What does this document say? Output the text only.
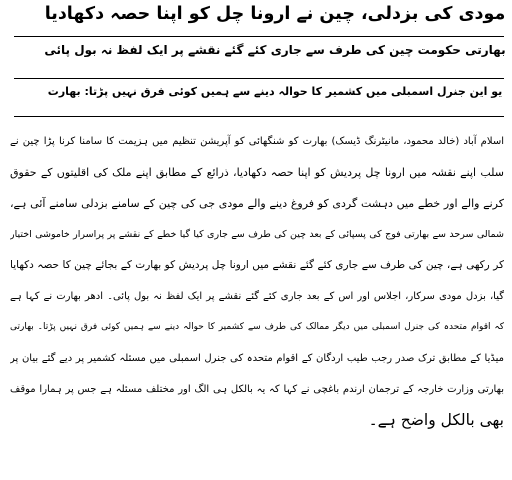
مودی کی بزدلی، چین نے ارونا چل کو اپنا حصہ دکھادیا
بھارتی حکومت چین کی طرف سے جاری کئے گئے نقشے پر ایک لفظ نہ بول پائی
یو این جنرل اسمبلی میں کشمیر کا حوالہ دینے سے ہمیں کوئی فرق نہیں پڑتا: بھارت
اسلام آباد (خالد محمود، مانیٹرنگ ڈیسک) بھارت کو شنگھائی کو آپریشن تنظیم میں ہزیمت کا سامنا کرنا پڑا چین نے
سلب اپنے نقشہ میں ارونا چل پردیش کو اپنا حصہ دکھادیا، ذرائع کے مطابق اپنے ملک کی اقلیتوں کے حقوق
کرنے والے اور خطے میں دہشت گردی کو فروغ دینے والے مودی جی کی چین کے سامنے بزدلی سامنے آئی ہے،
شمالی سرحد سے بھارتی فوج کی پسپائی کے بعد چین کی طرف سے جاری کیا گیا خطے کے نقشے پر پراسرار خاموشی اختیار
کر رکھی ہے، چین کی طرف سے جاری کئے گئے نقشے میں ارونا چل پردیش کو بھارت کے بجائے چین کا حصہ دکھایا
گیا، بزدل مودی سرکار، اجلاس اور اس کے بعد جاری کئے گئے نقشے پر ایک لفظ نہ بول پائی۔ ادھر بھارت نے کہا ہے
کہ اقوام متحدہ کی جنرل اسمبلی میں دیگر ممالک کی طرف سے کشمیر کا حوالہ دینے سے ہمیں کوئی فرق نہیں پڑتا۔ بھارتی
میڈیا کے مطابق ترک صدر رجب طیب اردگان کے اقوام متحدہ کی جنرل اسمبلی میں مسئلہ کشمیر پر دیے گئے بیان پر
بھارتی وزارت خارجہ کے ترجمان ارندم باغچی نے کہا کہ یہ بالکل ہی الگ اور مختلف مسئلہ ہے جس پر ہمارا موقف
بھی بالکل واضح ہے۔
